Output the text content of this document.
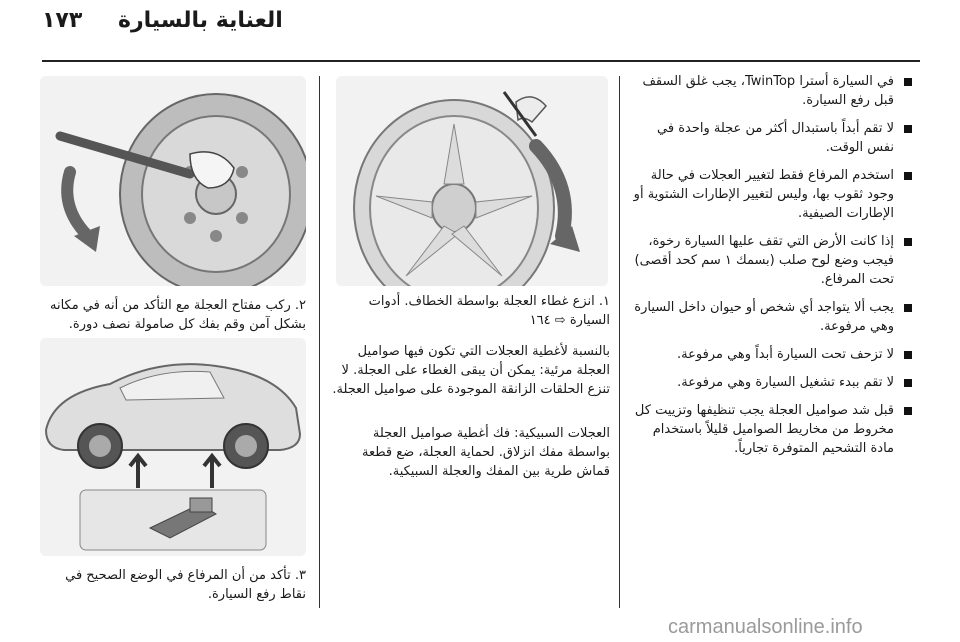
١٧٣ العناية بالسيارة
في السيارة أسترا TwinTop، يجب غلق السقف قبل رفع السيارة.
لا تقم أبداً باستبدال أكثر من عجلة واحدة في نفس الوقت.
استخدم المرفاع فقط لتغيير العجلات في حالة وجود ثقوب بها، وليس لتغيير الإطارات الشتوية أو الإطارات الصيفية.
إذا كانت الأرض التي تقف عليها السيارة رخوة، فيجب وضع لوح صلب (بسمك ١ سم كحد أقصى) تحت المرفاع.
يجب ألا يتواجد أي شخص أو حيوان داخل السيارة وهي مرفوعة.
لا تزحف تحت السيارة أبداً وهي مرفوعة.
لا تقم ببدء تشغيل السيارة وهي مرفوعة.
قبل شد صواميل العجلة يجب تنظيفها وتزييت كل مخروط من مخاريط الصواميل قليلاً باستخدام مادة التشحيم المتوفرة تجارياً.
١. انزع غطاء العجلة بواسطة الخطاف. أدوات السيارة ⇨ ١٦٤
بالنسبة لأغطية العجلات التي تكون فيها صواميل العجلة مرئية: يمكن أن يبقى الغطاء على العجلة. لا تنزع الحلقات الزانقة الموجودة على صواميل العجلة.
العجلات السبيكية: فك أغطية صواميل العجلة بواسطة مفك انزلاق. لحماية العجلة، ضع قطعة قماش طرية بين المفك والعجلة السبيكية.
٢. ركب مفتاح العجلة مع التأكد من أنه في مكانه بشكل آمن وقم بفك كل صامولة نصف دورة.
٣. تأكد من أن المرفاع في الوضع الصحيح في نقاط رفع السيارة.
carmanualsonline.info
